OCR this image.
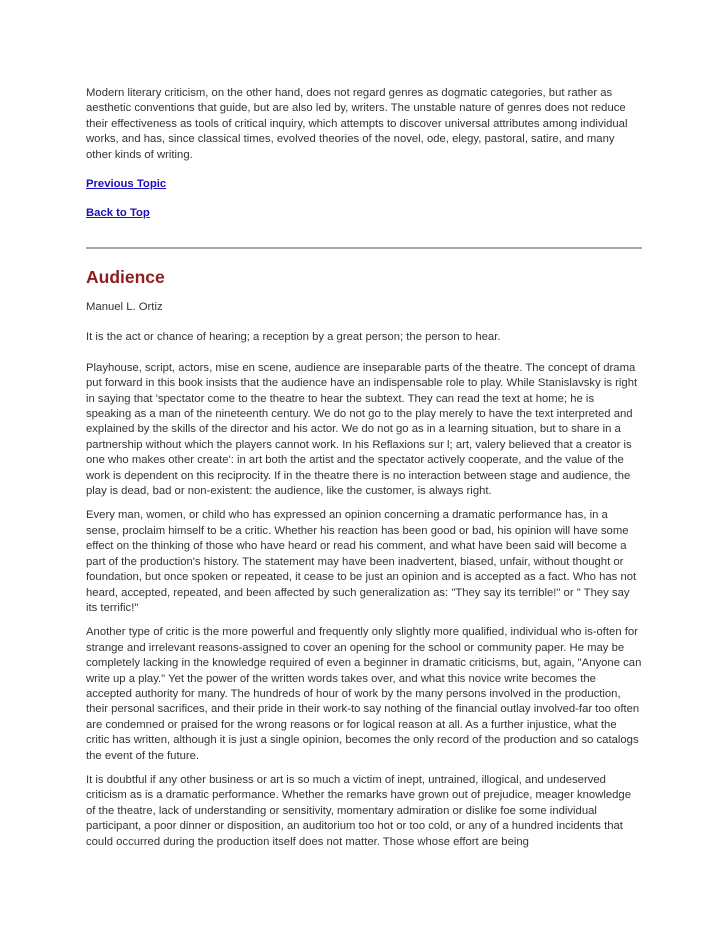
Modern literary criticism, on the other hand, does not regard genres as dogmatic categories, but rather as aesthetic conventions that guide, but are also led by, writers. The unstable nature of genres does not reduce their effectiveness as tools of critical inquiry, which attempts to discover universal attributes among individual works, and has, since classical times, evolved theories of the novel, ode, elegy, pastoral, satire, and many other kinds of writing.

Previous Topic
Back to Top
Audience

Manuel L. Ortiz

It is the act or chance of hearing; a reception by a great person; the person to hear.

Playhouse, script, actors, mise en scene, audience are inseparable parts of the theatre. The concept of drama put forward in this book insists that the audience have an indispensable role to play. While Stanislavsky is right in saying that 'spectator come to the theatre to hear the subtext. They can read the text at home; he is speaking as a man of the nineteenth century. We do not go to the play merely to have the text interpreted and explained by the skills of the director and his actor. We do not go as in a learning situation, but to share in a partnership without which the players cannot work. In his Reflaxions sur l; art, valery believed that a creator is one who makes other create': in art both the artist and the spectator actively cooperate, and the value of the work is dependent on this reciprocity. If in the theatre there is no interaction between stage and audience, the play is dead, bad or non-existent: the audience, like the customer, is always right.

Every man, women, or child who has expressed an opinion concerning a dramatic performance has, in a sense, proclaim himself to be a critic. Whether his reaction has been good or bad, his opinion will have some effect on the thinking of those who have heard or read his comment, and what have been said will become a part of the production's history. The statement may have been inadvertent, biased, unfair, without thought or foundation, but once spoken or repeated, it cease to be just an opinion and is accepted as a fact. Who has not heard, accepted, repeated, and been affected by such generalization as: "They say its terrible!" or " They say its terrific!"

Another type of critic is the more powerful and frequently only slightly more qualified, individual who is-often for strange and irrelevant reasons-assigned to cover an opening for the school or community paper. He may be completely lacking in the knowledge required of even a beginner in dramatic criticisms, but, again, "Anyone can write up a play." Yet the power of the written words takes over, and what this novice write becomes the accepted authority for many. The hundreds of hour of work by the many persons involved in the production, their personal sacrifices, and their pride in their work-to say nothing of the financial outlay involved-far too often are condemned or praised for the wrong reasons or for logical reason at all. As a further injustice, what the critic has written, although it is just a single opinion, becomes the only record of the production and so catalogs the event of the future.

It is doubtful if any other business or art is so much a victim of inept, untrained, illogical, and undeserved criticism as is a dramatic performance. Whether the remarks have grown out of prejudice, meager knowledge of the theatre, lack of understanding or sensitivity, momentary admiration or dislike foe some individual participant, a poor dinner or disposition, an auditorium too hot or too cold, or any of a hundred incidents that could occurred during the production itself does not matter. Those whose effort are being
